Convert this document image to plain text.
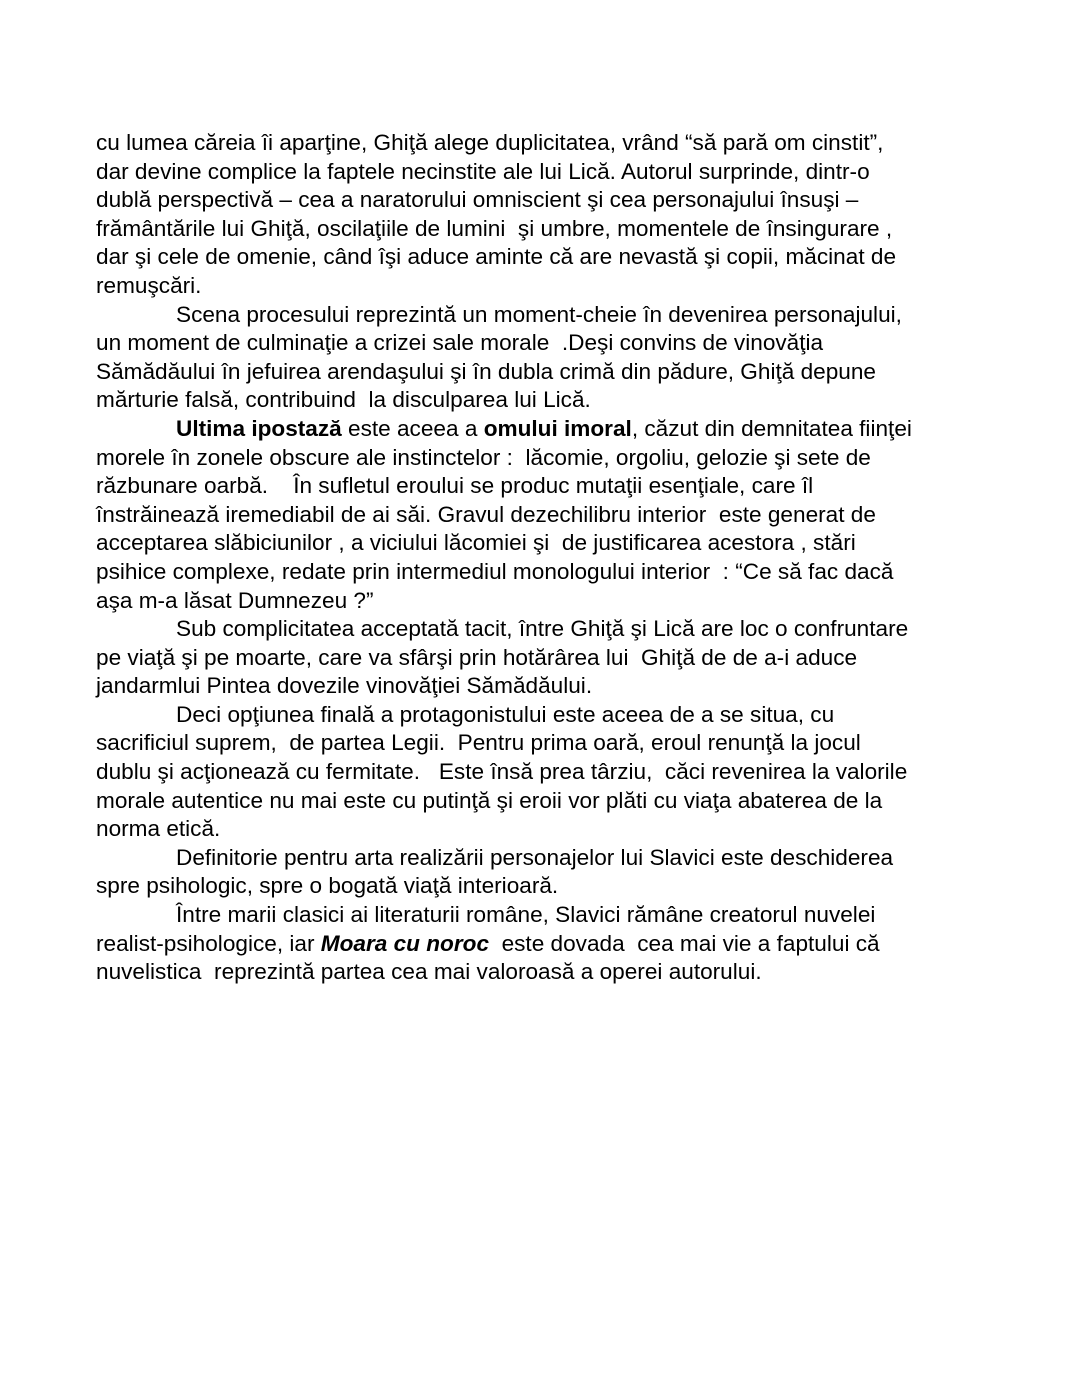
cu lumea căreia îi aparţine, Ghiţă alege duplicitatea, vrând “să pară om cinstit”,
dar devine complice la faptele necinstite ale lui Lică. Autorul surprinde, dintr-o
dublă perspectivă – cea a naratorului omniscient şi cea personajului însuşi –
frământările lui Ghiţă, oscilaţiile de lumini  şi umbre, momentele de însingurare ,
dar şi cele de omenie, când îşi aduce aminte că are nevastă şi copii, măcinat de
remuşcări.
Scena procesului reprezintă un moment-cheie în devenirea personajului,
un moment de culminaţie a crizei sale morale  .Deşi convins de vinovăţia
Sămădăului în jefuirea arendaşului şi în dubla crimă din pădure, Ghiţă depune
mărturie falsă, contribuind  la disculparea lui Lică.
Ultima ipostază este aceea a omului imoral, căzut din demnitatea fiinţei
morele în zonele obscure ale instinctelor :  lăcomie, orgoliu, gelozie şi sete de
răzbunare oarbă.    În sufletul eroului se produc mutaţii esenţiale, care îl
înstrăinează iremediabil de ai săi. Gravul dezechilibru interior  este generat de
acceptarea slăbiciunilor , a viciului lăcomiei şi  de justificarea acestora , stări
psihice complexe, redate prin intermediul monologului interior  : “Ce să fac dacă
aşa m-a lăsat Dumnezeu ?”
Sub complicitatea acceptată tacit, între Ghiţă şi Lică are loc o confruntare
pe viaţă şi pe moarte, care va sfârşi prin hotărârea lui  Ghiţă de de a-i aduce
jandarmlui Pintea dovezile vinovăţiei Sămădăului.
Deci opţiunea finală a protagonistului este aceea de a se situa, cu
sacrificiul suprem,  de partea Legii.  Pentru prima oară, eroul renunţă la jocul
dublu şi acţionează cu fermitate.   Este însă prea târziu,  căci revenirea la valorile
morale autentice nu mai este cu putinţă şi eroii vor plăti cu viaţa abaterea de la
norma etică.
Definitorie pentru arta realizării personajelor lui Slavici este deschiderea
spre psihologic, spre o bogată viaţă interioară.
Între marii clasici ai literaturii române, Slavici rămâne creatorul nuvelei
realist-psihologice, iar Moara cu noroc  este dovada  cea mai vie a faptului că
nuvelistica  reprezintă partea cea mai valoroasă a operei autorului.
